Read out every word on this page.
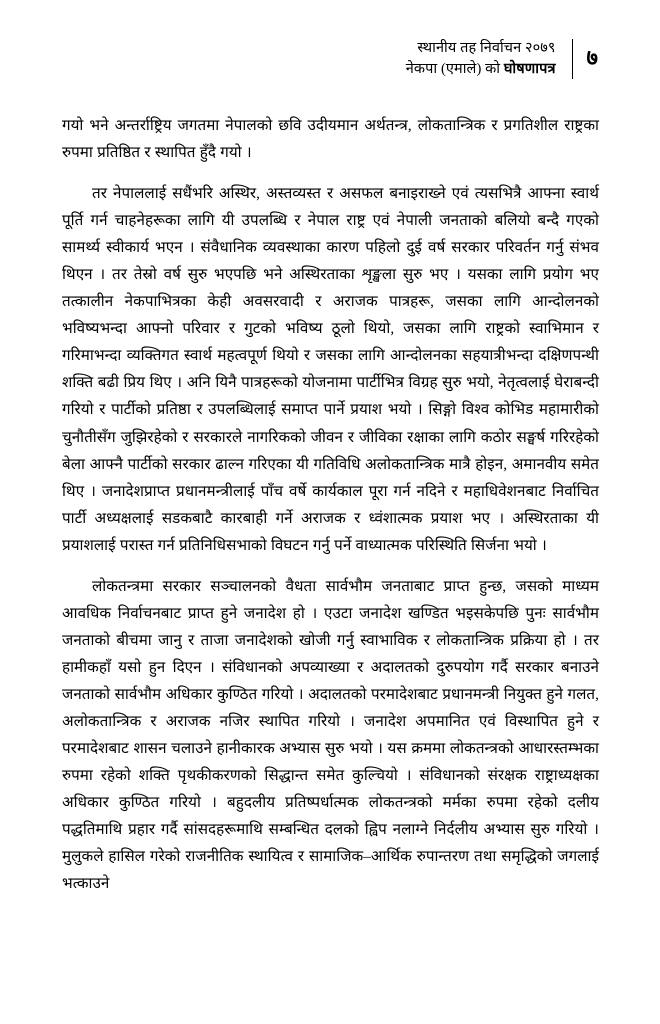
स्थानीय तह निर्वाचन २०७९
नेकपा (एमाले) को घोषणापत्र ७

गयो भने अन्तर्राष्ट्रिय जगतमा नेपालको छवि उदीयमान अर्थतन्त्र, लोकतान्त्रिक र प्रगतिशील राष्ट्रका रुपमा प्रतिष्ठित र स्थापित हुँदै गयो ।

तर नेपाललाई सधैंभरि अस्थिर, अस्तव्यस्त र असफल बनाइराख्ने एवं त्यसभित्रै आफ्ना स्वार्थ पूर्ति गर्न चाहनेहरूका लागि यी उपलब्धि र नेपाल राष्ट्र एवं नेपाली जनताको बलियो बन्दै गएको सामर्थ्य स्वीकार्य भएन । संवैधानिक व्यवस्थाका कारण पहिलो दुई वर्ष सरकार परिवर्तन गर्नु संभव थिएन । तर तेस्रो वर्ष सुरु भएपछि भने अस्थिरताका शृङ्खला सुरु भए । यसका लागि प्रयोग भए तत्कालीन नेकपाभित्रका केही अवसरवादी र अराजक पात्रहरू, जसका लागि आन्दोलनको भविष्यभन्दा आफ्नो परिवार र गुटको भविष्य ठूलो थियो, जसका लागि राष्ट्रको स्वाभिमान र गरिमाभन्दा व्यक्तिगत स्वार्थ महत्वपूर्ण थियो र जसका लागि आन्दोलनका सहयात्रीभन्दा दक्षिणपन्थी शक्ति बढी प्रिय थिए । अनि यिनै पात्रहरूको योजनामा पार्टीभित्र विग्रह सुरु भयो, नेतृत्वलाई घेराबन्दी गरियो र पार्टीको प्रतिष्ठा र उपलब्धिलाई समाप्त पार्ने प्रयाश भयो । सिङ्गो विश्व कोभिड महामारीको चुनौतीसँग जुझिरहेको र सरकारले नागरिकको जीवन र जीविका रक्षाका लागि कठोर सङ्घर्ष गरिरहेको बेला आफ्नै पार्टीको सरकार ढाल्न गरिएका यी गतिविधि अलोकतान्त्रिक मात्रै होइन, अमानवीय समेत थिए । जनादेशप्राप्त प्रधानमन्त्रीलाई पाँच वर्षे कार्यकाल पूरा गर्न नदिने र महाधिवेशनबाट निर्वाचित पार्टी अध्यक्षलाई सडकबाटै कारबाही गर्ने अराजक र ध्वंशात्मक प्रयाश भए । अस्थिरताका यी प्रयाशलाई परास्त गर्न प्रतिनिधिसभाको विघटन गर्नु पर्ने वाध्यात्मक परिस्थिति सिर्जना भयो ।

लोकतन्त्रमा सरकार सञ्चालनको वैधता सार्वभौम जनताबाट प्राप्त हुन्छ, जसको माध्यम आवधिक निर्वाचनबाट प्राप्त हुने जनादेश हो । एउटा जनादेश खण्डित भइसकेपछि पुनः सार्वभौम जनताको बीचमा जानु र ताजा जनादेशको खोजी गर्नु स्वाभाविक र लोकतान्त्रिक प्रक्रिया हो । तर हामीकहाँ यसो हुन दिएन । संविधानको अपव्याख्या र अदालतको दुरुपयोग गर्दै सरकार बनाउने जनताको सार्वभौम अधिकार कुण्ठित गरियो । अदालतको परमादेशबाट प्रधानमन्त्री नियुक्त हुने गलत, अलोकतान्त्रिक र अराजक नजिर स्थापित गरियो । जनादेश अपमानित एवं विस्थापित हुने र परमादेशबाट शासन चलाउने हानीकारक अभ्यास सुरु भयो । यस क्रममा लोकतन्त्रको आधारस्तम्भका रुपमा रहेको शक्ति पृथकीकरणको सिद्धान्त समेत कुल्चियो । संविधानको संरक्षक राष्ट्राध्यक्षका अधिकार कुण्ठित गरियो । बहुदलीय प्रतिष्पर्धात्मक लोकतन्त्रको मर्मका रुपमा रहेको दलीय पद्धतिमाथि प्रहार गर्दै सांसदहरूमाथि सम्बन्धित दलको ह्विप नलाग्ने निर्दलीय अभ्यास सुरु गरियो । मुलुकले हासिल गरेको राजनीतिक स्थायित्व र सामाजिक–आर्थिक रुपान्तरण तथा समृद्धिको जगलाई भत्काउने
